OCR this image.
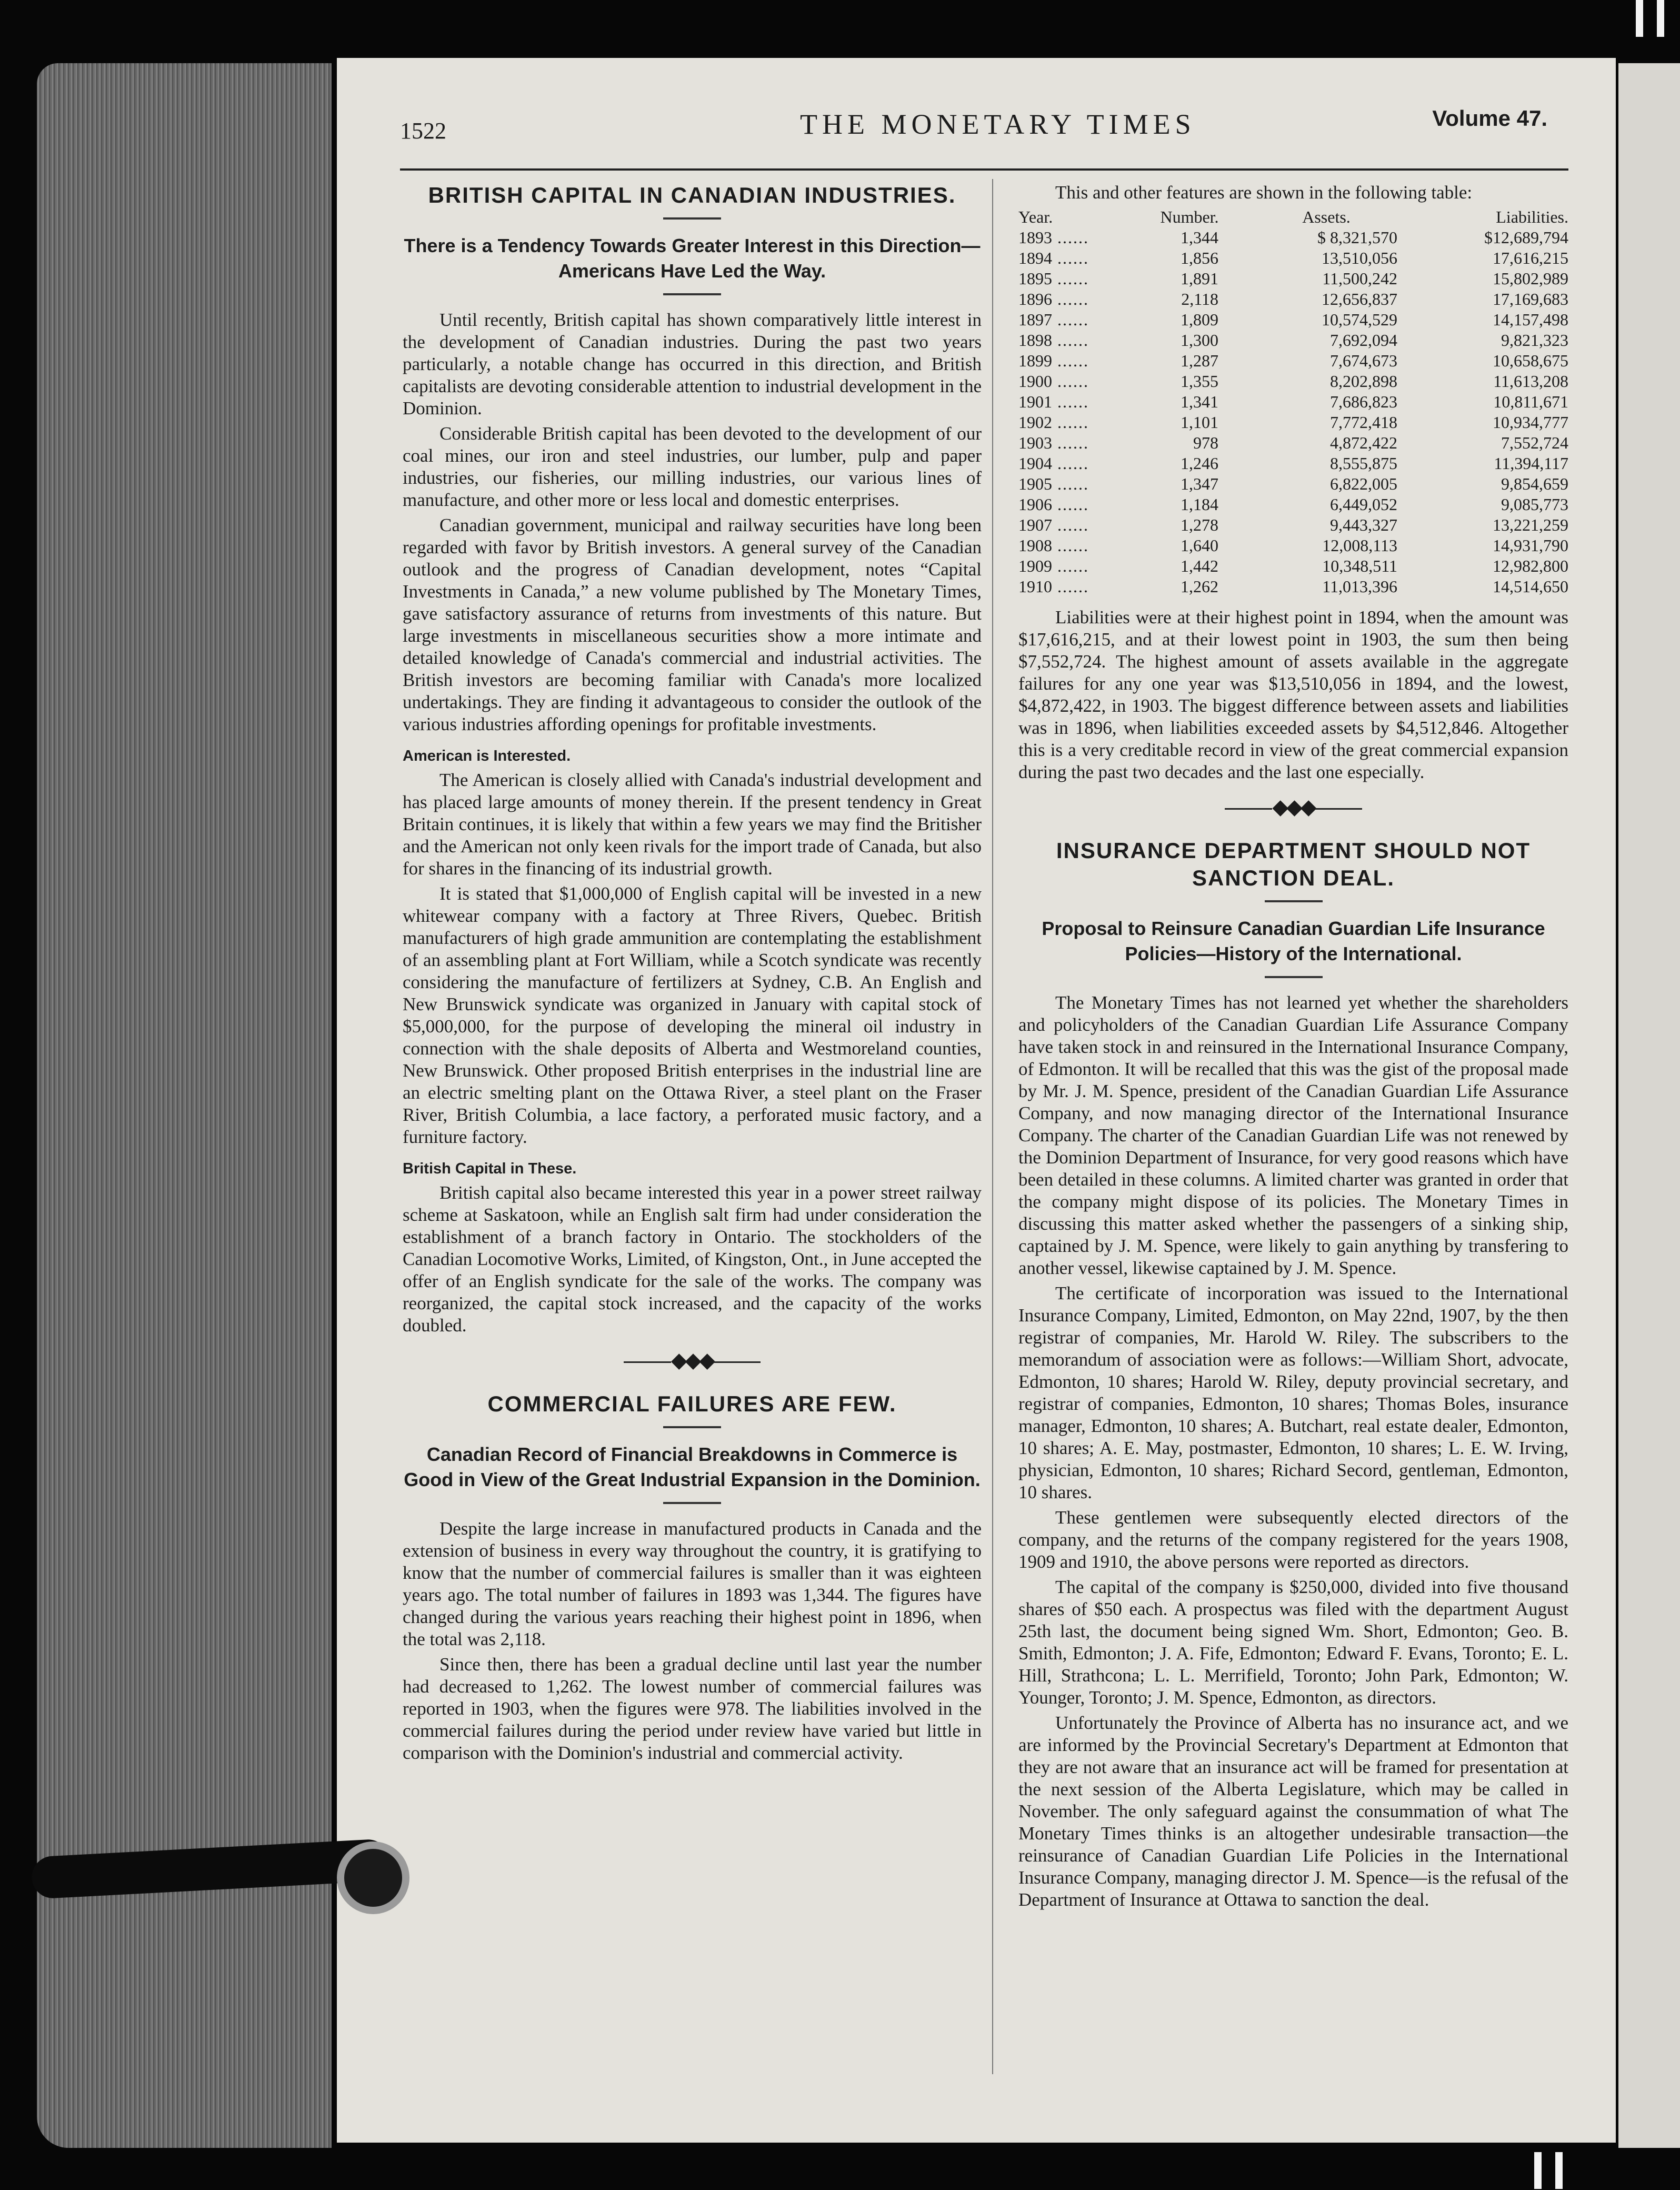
1522	THE MONETARY TIMES	Volume 47.
BRITISH CAPITAL IN CANADIAN INDUSTRIES.
There is a Tendency Towards Greater Interest in this Direction—Americans Have Led the Way.

Until recently, British capital has shown comparatively little interest in the development of Canadian industries. During the past two years particularly, a notable change has occurred in this direction, and British capitalists are devoting considerable attention to industrial development in the Dominion.

Considerable British capital has been devoted to the development of our coal mines, our iron and steel industries, our lumber, pulp and paper industries, our fisheries, our milling industries, our various lines of manufacture, and other more or less local and domestic enterprises.

Canadian government, municipal and railway securities have long been regarded with favor by British investors. A general survey of the Canadian outlook and the progress of Canadian development, notes “Capital Investments in Canada,” a new volume published by The Monetary Times, gave satisfactory assurance of returns from investments of this nature. But large investments in miscellaneous securities show a more intimate and detailed knowledge of Canada's commercial and industrial activities. The British investors are becoming familiar with Canada's more localized undertakings. They are finding it advantageous to consider the outlook of the various industries affording openings for profitable investments.

American is Interested.

The American is closely allied with Canada's industrial development and has placed large amounts of money therein. If the present tendency in Great Britain continues, it is likely that within a few years we may find the Britisher and the American not only keen rivals for the import trade of Canada, but also for shares in the financing of its industrial growth.

It is stated that $1,000,000 of English capital will be invested in a new whitewear company with a factory at Three Rivers, Quebec. British manufacturers of high grade ammunition are contemplating the establishment of an assembling plant at Fort William, while a Scotch syndicate was recently considering the manufacture of fertilizers at Sydney, C.B. An English and New Brunswick syndicate was organized in January with capital stock of $5,000,000, for the purpose of developing the mineral oil industry in connection with the shale deposits of Alberta and Westmoreland counties, New Brunswick. Other proposed British enterprises in the industrial line are an electric smelting plant on the Ottawa River, a steel plant on the Fraser River, British Columbia, a lace factory, a perforated music factory, and a furniture factory.

British Capital in These.

British capital also became interested this year in a power street railway scheme at Saskatoon, while an English salt firm had under consideration the establishment of a branch factory in Ontario. The stockholders of the Canadian Locomotive Works, Limited, of Kingston, Ont., in June accepted the offer of an English syndicate for the sale of the works. The company was reorganized, the capital stock increased, and the capacity of the works doubled.

◆◆◆
COMMERCIAL FAILURES ARE FEW.
Canadian Record of Financial Breakdowns in Commerce is Good in View of the Great Industrial Expansion in the Dominion.

Despite the large increase in manufactured products in Canada and the extension of business in every way throughout the country, it is gratifying to know that the number of commercial failures is smaller than it was eighteen years ago. The total number of failures in 1893 was 1,344. The figures have changed during the various years reaching their highest point in 1896, when the total was 2,118.

Since then, there has been a gradual decline until last year the number had decreased to 1,262. The lowest number of commercial failures was reported in 1903, when the figures were 978. The liabilities involved in the commercial failures during the period under review have varied but little in comparison with the Dominion's industrial and commercial activity.

This and other features are shown in the following table:

Year.	Number.	Assets.	Liabilities.
1893 ......	1,344	$ 8,321,570	$12,689,794
1894 ......	1,856	13,510,056	17,616,215
1895 ......	1,891	11,500,242	15,802,989
1896 ......	2,118	12,656,837	17,169,683
1897 ......	1,809	10,574,529	14,157,498
1898 ......	1,300	7,692,094	9,821,323
1899 ......	1,287	7,674,673	10,658,675
1900 ......	1,355	8,202,898	11,613,208
1901 ......	1,341	7,686,823	10,811,671
1902 ......	1,101	7,772,418	10,934,777
1903 ......	978	4,872,422	7,552,724
1904 ......	1,246	8,555,875	11,394,117
1905 ......	1,347	6,822,005	9,854,659
1906 ......	1,184	6,449,052	9,085,773
1907 ......	1,278	9,443,327	13,221,259
1908 ......	1,640	12,008,113	14,931,790
1909 ......	1,442	10,348,511	12,982,800
1910 ......	1,262	11,013,396	14,514,650

Liabilities were at their highest point in 1894, when the amount was $17,616,215, and at their lowest point in 1903, the sum then being $7,552,724. The highest amount of assets available in the aggregate failures for any one year was $13,510,056 in 1894, and the lowest, $4,872,422, in 1903. The biggest difference between assets and liabilities was in 1896, when liabilities exceeded assets by $4,512,846. Altogether this is a very creditable record in view of the great commercial expansion during the past two decades and the last one especially.

◆◆◆
INSURANCE DEPARTMENT SHOULD NOT SANCTION DEAL.
Proposal to Reinsure Canadian Guardian Life Insurance Policies—History of the International.

The Monetary Times has not learned yet whether the shareholders and policyholders of the Canadian Guardian Life Assurance Company have taken stock in and reinsured in the International Insurance Company, of Edmonton. It will be recalled that this was the gist of the proposal made by Mr. J. M. Spence, president of the Canadian Guardian Life Assurance Company, and now managing director of the International Insurance Company. The charter of the Canadian Guardian Life was not renewed by the Dominion Department of Insurance, for very good reasons which have been detailed in these columns. A limited charter was granted in order that the company might dispose of its policies. The Monetary Times in discussing this matter asked whether the passengers of a sinking ship, captained by J. M. Spence, were likely to gain anything by transfering to another vessel, likewise captained by J. M. Spence.

The certificate of incorporation was issued to the International Insurance Company, Limited, Edmonton, on May 22nd, 1907, by the then registrar of companies, Mr. Harold W. Riley. The subscribers to the memorandum of association were as follows:—William Short, advocate, Edmonton, 10 shares; Harold W. Riley, deputy provincial secretary, and registrar of companies, Edmonton, 10 shares; Thomas Boles, insurance manager, Edmonton, 10 shares; A. Butchart, real estate dealer, Edmonton, 10 shares; A. E. May, postmaster, Edmonton, 10 shares; L. E. W. Irving, physician, Edmonton, 10 shares; Richard Secord, gentleman, Edmonton, 10 shares.

These gentlemen were subsequently elected directors of the company, and the returns of the company registered for the years 1908, 1909 and 1910, the above persons were reported as directors.

The capital of the company is $250,000, divided into five thousand shares of $50 each. A prospectus was filed with the department August 25th last, the document being signed Wm. Short, Edmonton; Geo. B. Smith, Edmonton; J. A. Fife, Edmonton; Edward F. Evans, Toronto; E. L. Hill, Strathcona; L. L. Merrifield, Toronto; John Park, Edmonton; W. Younger, Toronto; J. M. Spence, Edmonton, as directors.

Unfortunately the Province of Alberta has no insurance act, and we are informed by the Provincial Secretary's Department at Edmonton that they are not aware that an insurance act will be framed for presentation at the next session of the Alberta Legislature, which may be called in November. The only safeguard against the consummation of what The Monetary Times thinks is an altogether undesirable transaction—the reinsurance of Canadian Guardian Life Policies in the International Insurance Company, managing director J. M. Spence—is the refusal of the Department of Insurance at Ottawa to sanction the deal.
